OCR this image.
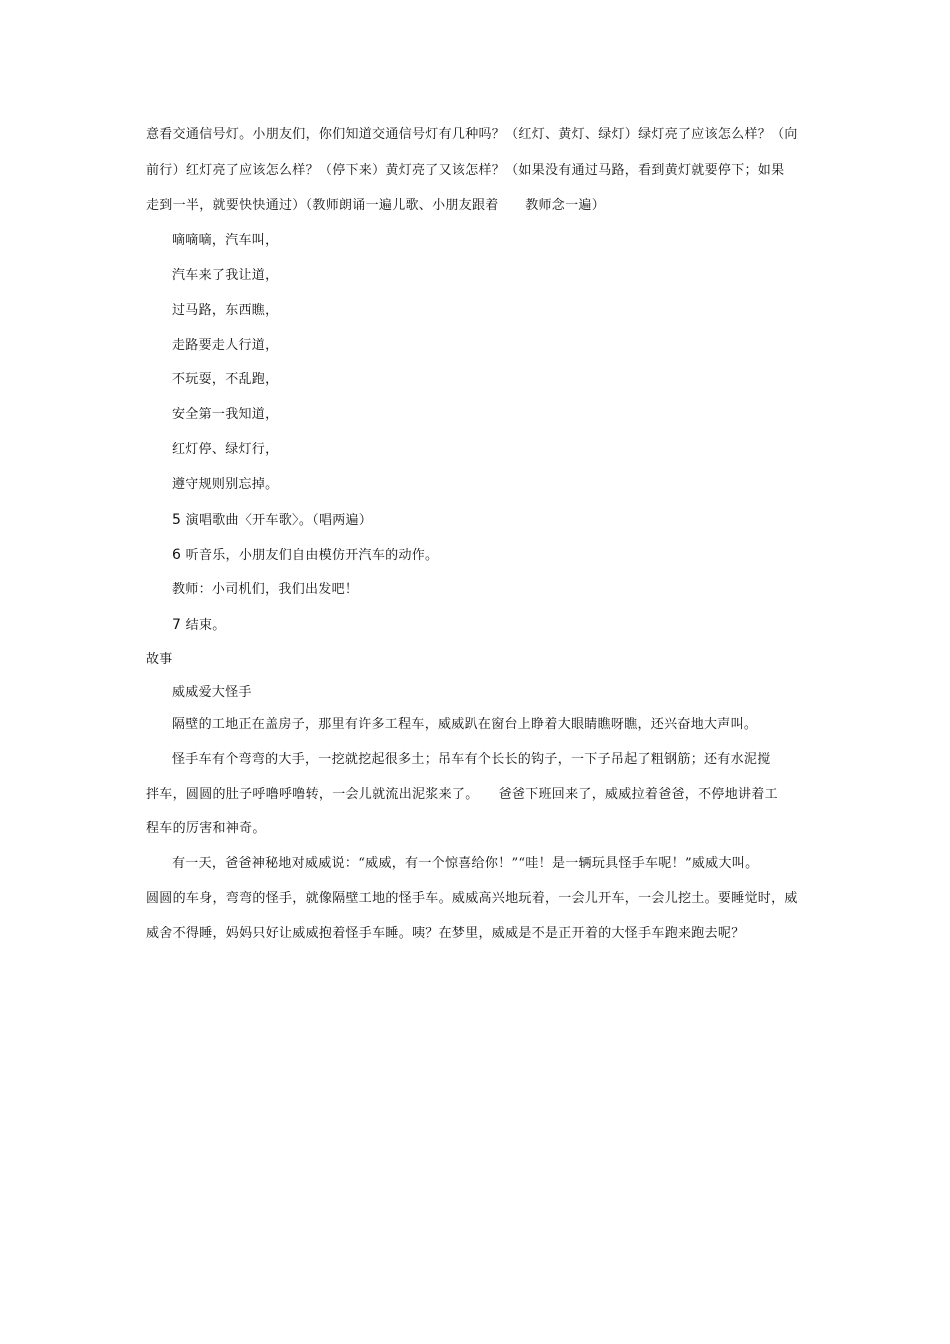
意看交通信号灯。小朋友们，你们知道交通信号灯有几种吗？（红灯、黄灯、绿灯）绿灯亮了应该怎么样？（向
前行）红灯亮了应该怎么样？（停下来）黄灯亮了又该怎样？（如果没有通过马路，看到黄灯就要停下；如果
走到一半，就要快快通过）（教师朗诵一遍儿歌、小朋友跟着　　教师念一遍）
嘀嘀嘀，汽车叫，
汽车来了我让道，
过马路，东西瞧，
走路要走人行道，
不玩耍，不乱跑，
安全第一我知道，
红灯停、绿灯行，
遵守规则别忘掉。
5 演唱歌曲〈开车歌〉。（唱两遍）
6 听音乐，小朋友们自由模仿开汽车的动作。
教师：小司机们，我们出发吧！
7 结束。
故事
威威爱大怪手
隔壁的工地正在盖房子，那里有许多工程车，威威趴在窗台上睁着大眼睛瞧呀瞧，还兴奋地大声叫。
怪手车有个弯弯的大手，一挖就挖起很多土；吊车有个长长的钩子，一下子吊起了粗钢筋；还有水泥搅
拌车，圆圆的肚子呼噜呼噜转，一会儿就流出泥浆来了。　　爸爸下班回来了，威威拉着爸爸，不停地讲着工
程车的厉害和神奇。
有一天，爸爸神秘地对威威说：“威威，有一个惊喜给你！”“哇！是一辆玩具怪手车呢！”威威大叫。
圆圆的车身，弯弯的怪手，就像隔壁工地的怪手车。威威高兴地玩着，一会儿开车，一会儿挖土。要睡觉时，威
威舍不得睡，妈妈只好让威威抱着怪手车睡。咦？在梦里，威威是不是正开着的大怪手车跑来跑去呢？
